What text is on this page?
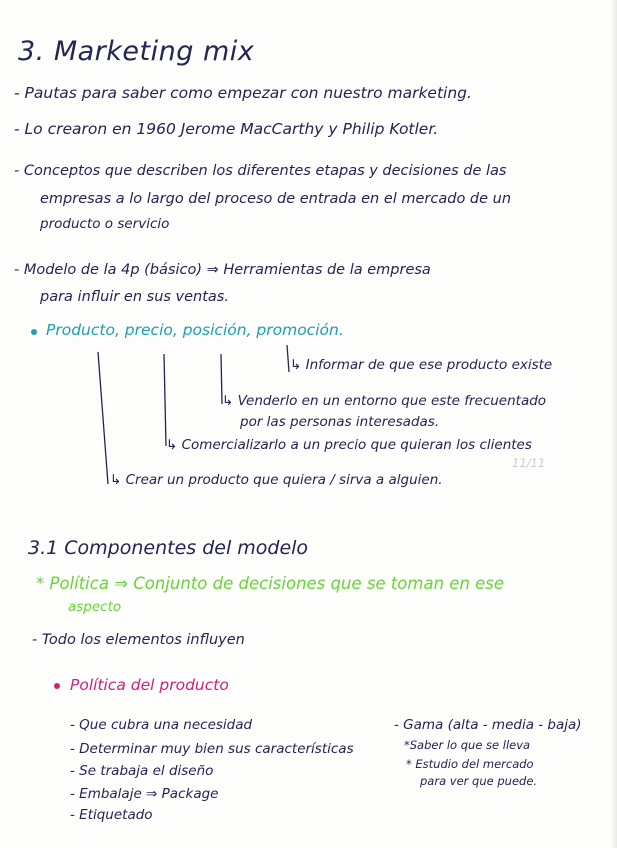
3. Marketing mix
- Pautas para saber como empezar con nuestro marketing.
- Lo crearon en 1960 Jerome MacCarthy y Philip Kotler.
- Conceptos que describen los diferentes etapas y decisiones de las
empresas a lo largo del proceso de entrada en el mercado de un
producto o servicio
- Modelo de la 4p (básico) ⇒ Herramientas de la empresa
para influir en sus ventas.
Producto, precio, posición, promoción.
↳ Informar de que ese producto existe
↳ Venderlo en un entorno que este frecuentado
por las personas interesadas.
↳ Comercializarlo a un precio que quieran los clientes
11/11
↳ Crear un producto que quiera / sirva a alguien.
3.1 Componentes del modelo
* Política ⇒ Conjunto de decisiones que se toman en ese
aspecto
- Todo los elementos influyen
Política del producto
- Que cubra una necesidad
- Determinar muy bien sus características
- Se trabaja el diseño
- Embalaje ⇒ Package
- Etiquetado
- Gama (alta - media - baja)
*Saber lo que se lleva
* Estudio del mercado
para ver que puede.
